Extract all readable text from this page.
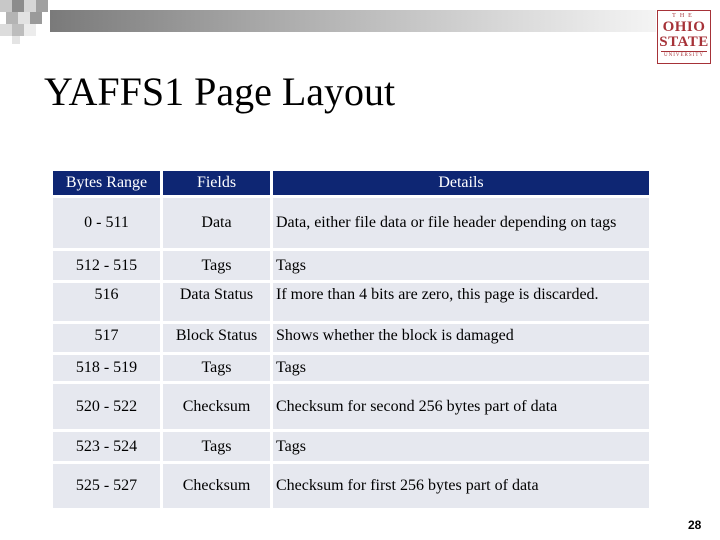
THE
OHIO
STATE
UNIVERSITY
YAFFS1 Page Layout
Bytes Range	Fields	Details
0 - 511	Data	Data, either file data or file header depending on tags

512 - 515	Tags	Tags
516	Data Status	If more than 4 bits are zero, this page is discarded.
517	Block Status	Shows whether the block is damaged
518 - 519	Tags	Tags
520 - 522	Checksum	Checksum for second 256 bytes part of data
523 - 524	Tags	Tags
525 - 527	Checksum	Checksum for first 256 bytes part of data
28
